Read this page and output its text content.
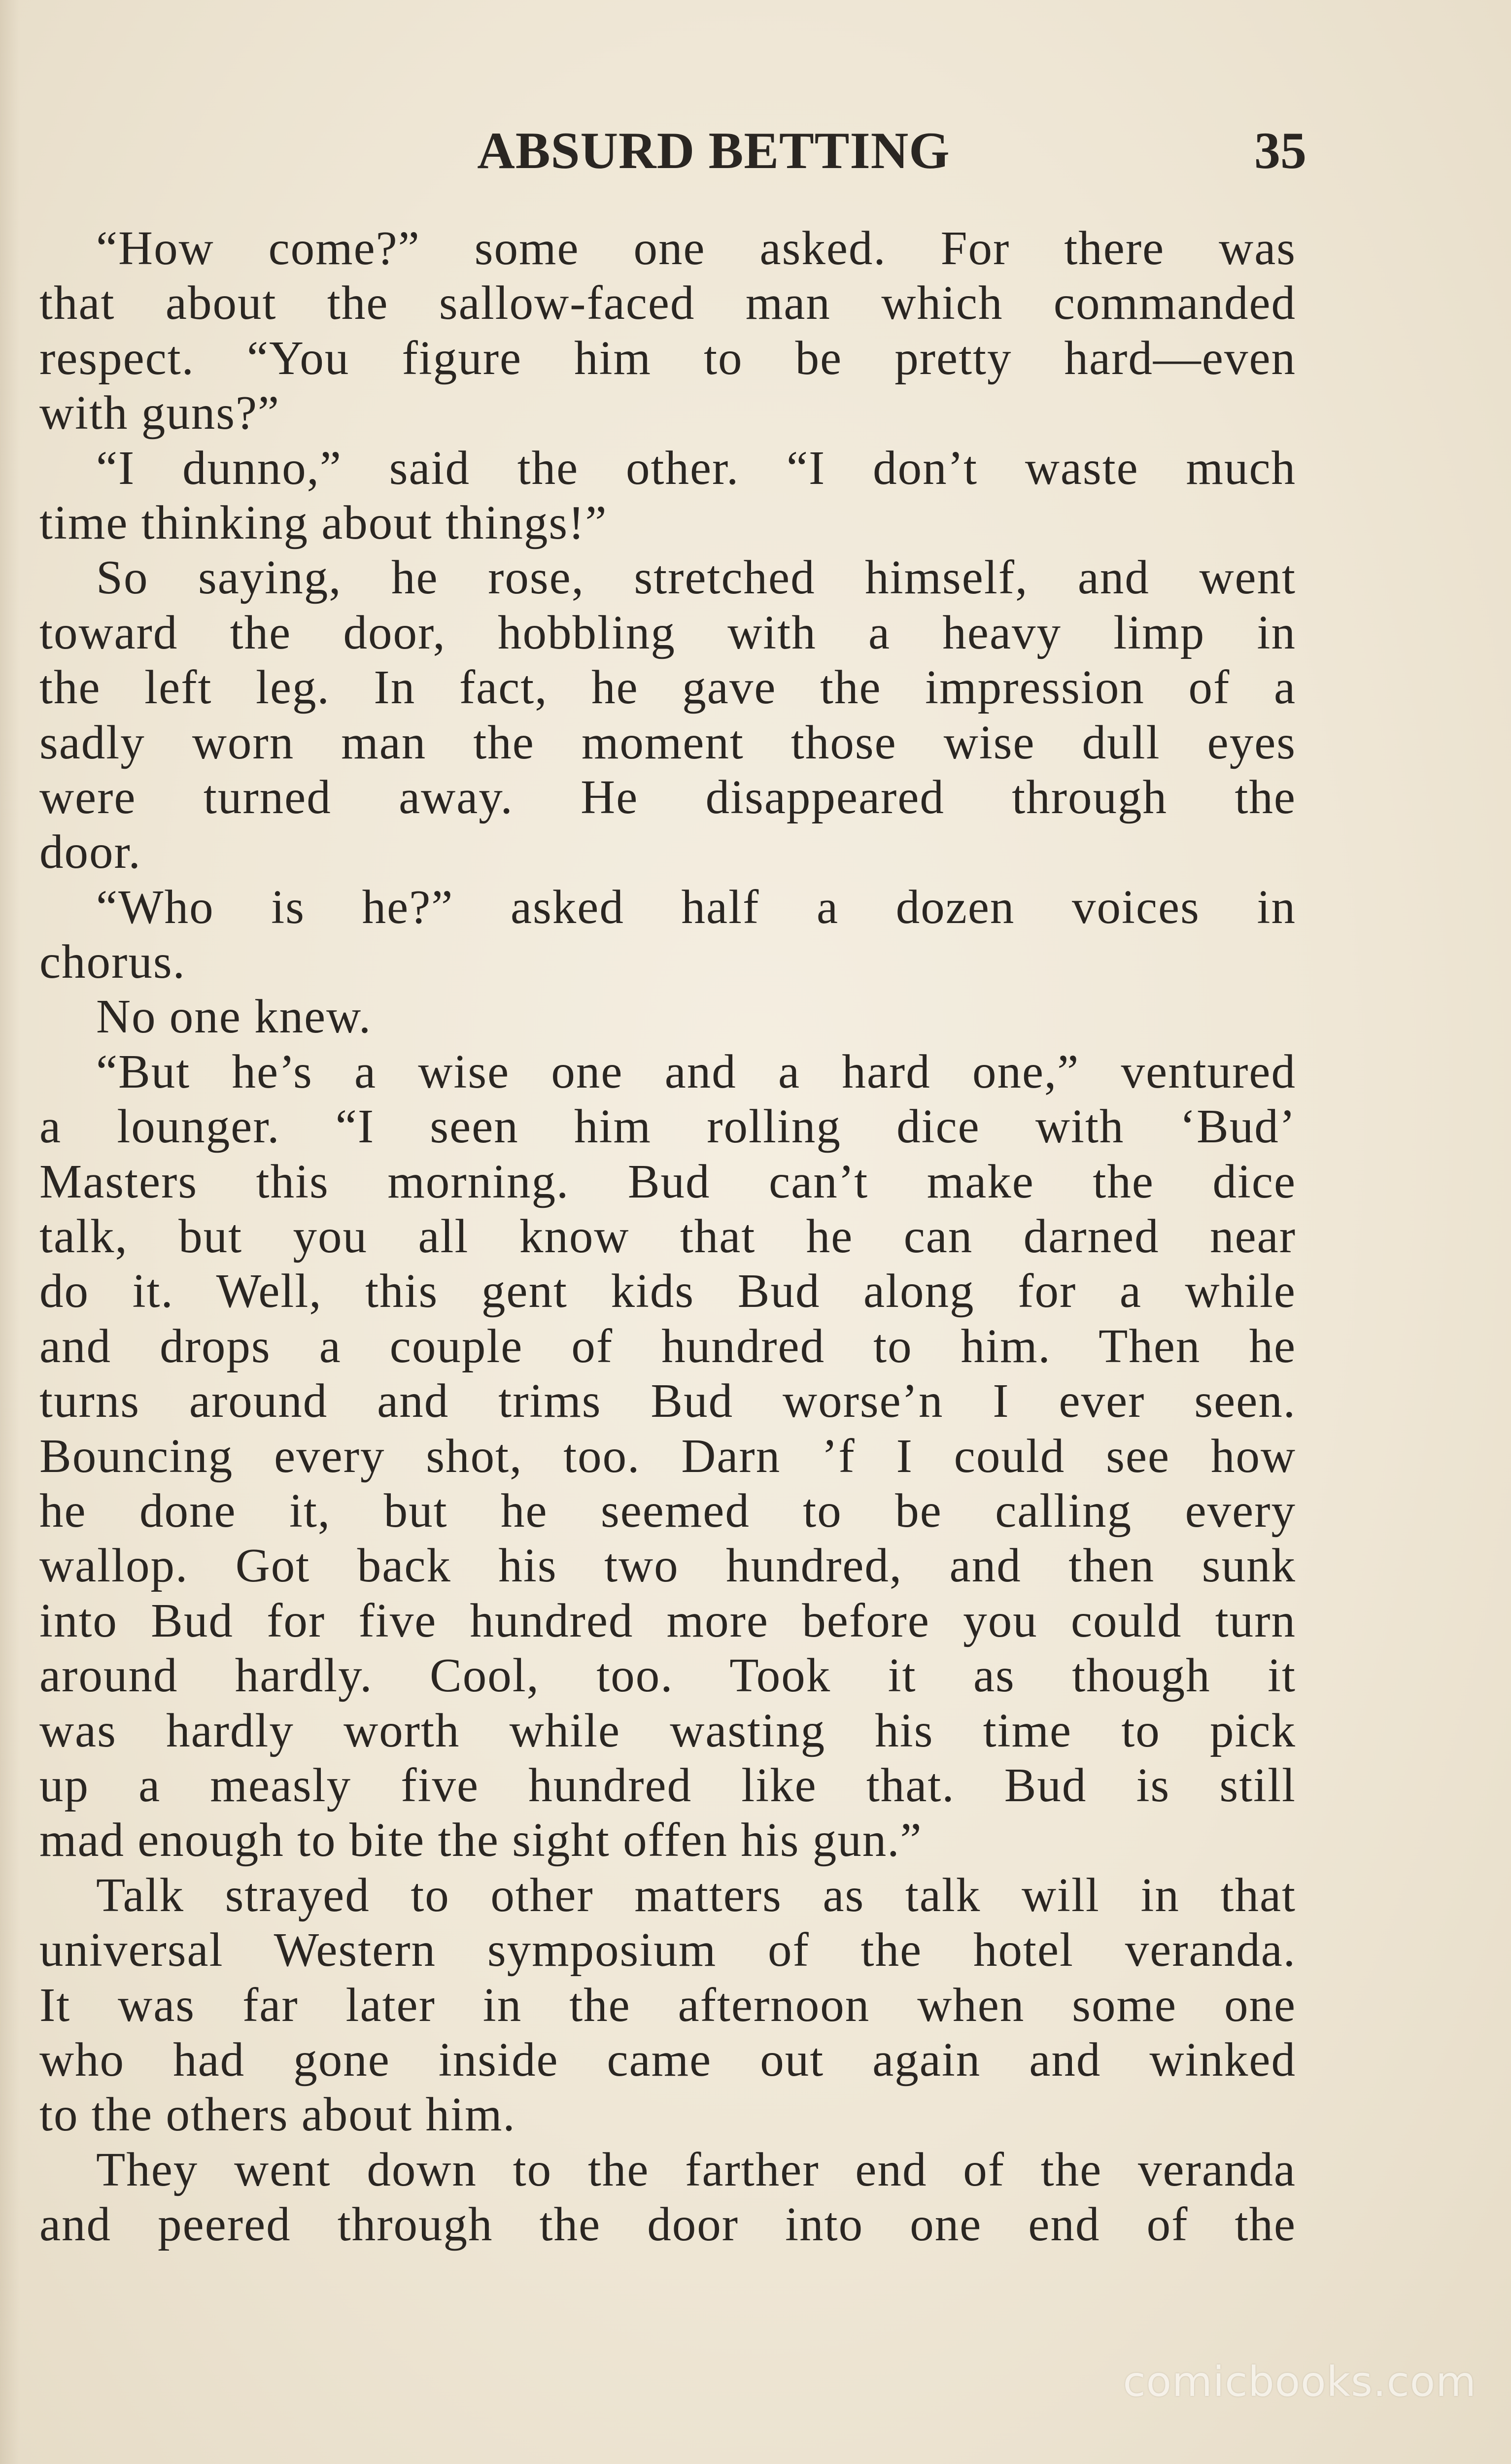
ABSURD BETTING	35
“How come?” some one asked. For there was
that about the sallow-faced man which commanded
respect. “You figure him to be pretty hard—even
with guns?”
“I dunno,” said the other. “I don’t waste much
time thinking about things!”
So saying, he rose, stretched himself, and went
toward the door, hobbling with a heavy limp in
the left leg. In fact, he gave the impression of a
sadly worn man the moment those wise dull eyes
were turned away. He disappeared through the
door.
“Who is he?” asked half a dozen voices in
chorus.
No one knew.
“But he’s a wise one and a hard one,” ventured
a lounger. “I seen him rolling dice with ‘Bud’
Masters this morning. Bud can’t make the dice
talk, but you all know that he can darned near
do it. Well, this gent kids Bud along for a while
and drops a couple of hundred to him. Then he
turns around and trims Bud worse’n I ever seen.
Bouncing every shot, too. Darn ’f I could see how
he done it, but he seemed to be calling every
wallop. Got back his two hundred, and then sunk
into Bud for five hundred more before you could turn
around hardly. Cool, too. Took it as though it
was hardly worth while wasting his time to pick
up a measly five hundred like that. Bud is still
mad enough to bite the sight offen his gun.”
Talk strayed to other matters as talk will in that
universal Western symposium of the hotel veranda.
It was far later in the afternoon when some one
who had gone inside came out again and winked
to the others about him.
They went down to the farther end of the veranda
and peered through the door into one end of the
comicbooks.com
